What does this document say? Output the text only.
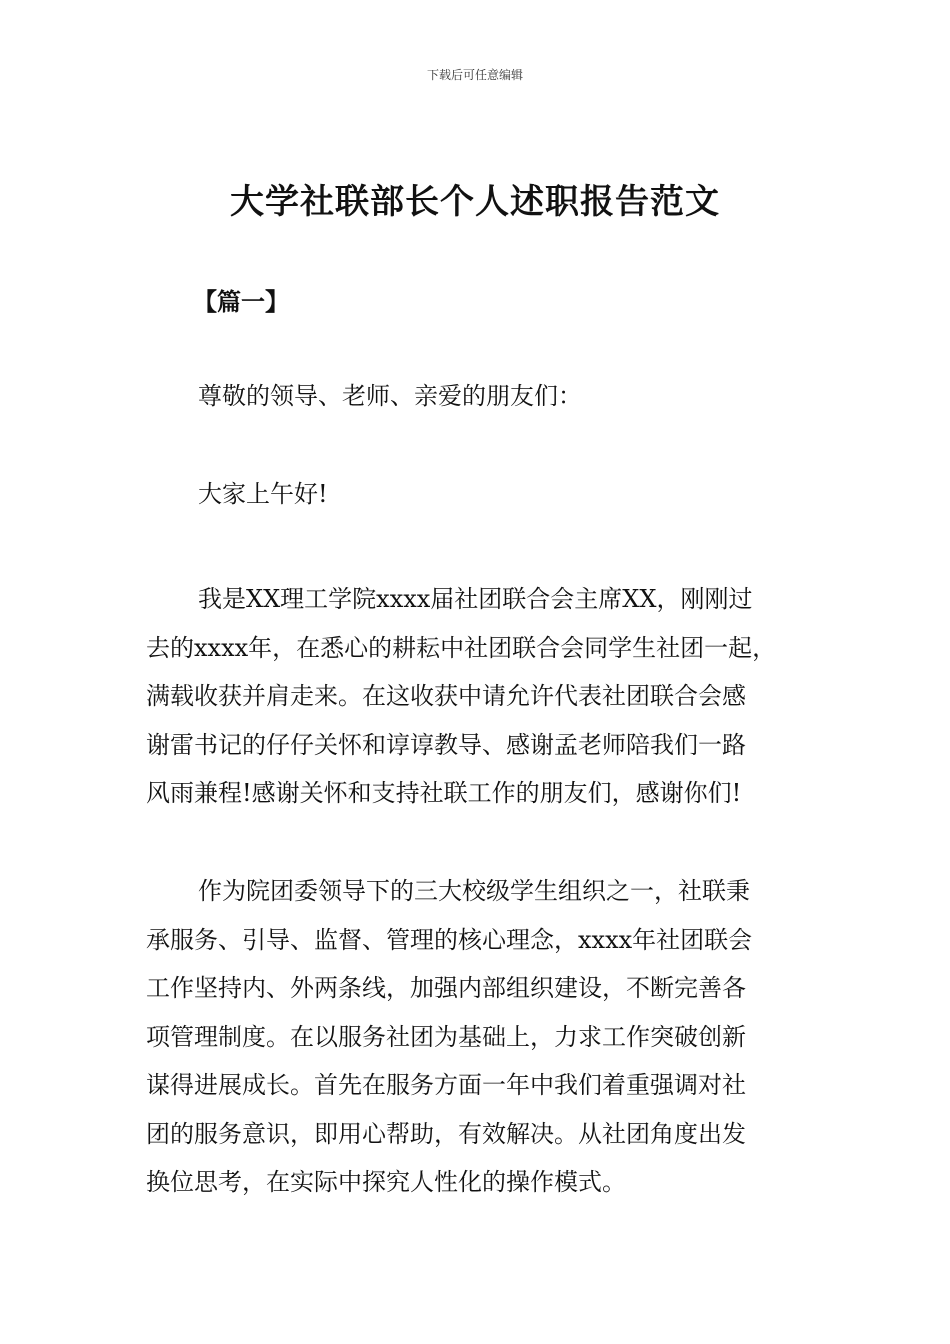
下载后可任意编辑
大学社联部长个人述职报告范文
【篇一】
尊敬的领导、老师、亲爱的朋友们：
大家上午好!
我是XX理工学院xxxx届社团联合会主席XX，刚刚过
去的xxxx年，在悉心的耕耘中社团联合会同学生社团一起，
满载收获并肩走来。在这收获中请允许代表社团联合会感
谢雷书记的仔仔关怀和谆谆教导、感谢孟老师陪我们一路
风雨兼程!感谢关怀和支持社联工作的朋友们，感谢你们!
作为院团委领导下的三大校级学生组织之一，社联秉
承服务、引导、监督、管理的核心理念，xxxx年社团联会
工作坚持内、外两条线，加强内部组织建设，不断完善各
项管理制度。在以服务社团为基础上，力求工作突破创新
谋得进展成长。首先在服务方面一年中我们着重强调对社
团的服务意识，即用心帮助，有效解决。从社团角度出发
换位思考，在实际中探究人性化的操作模式。
